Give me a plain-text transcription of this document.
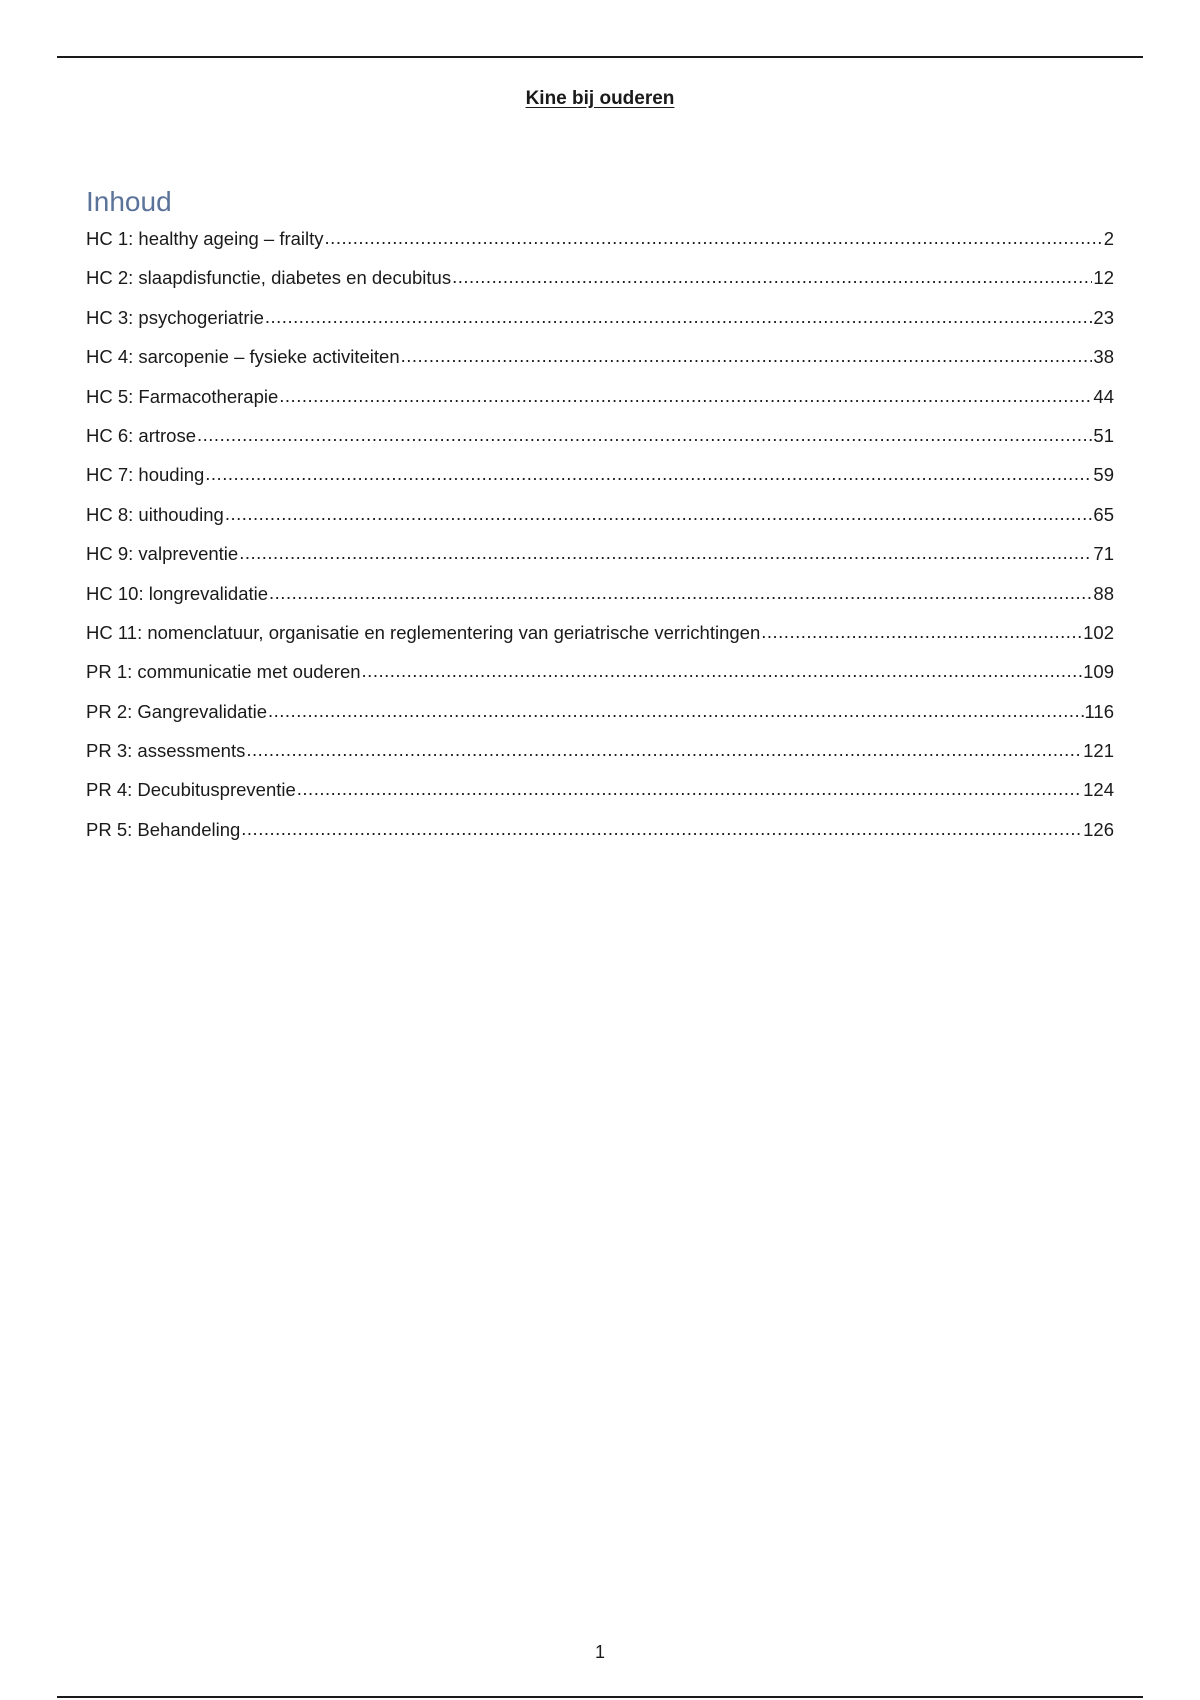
Kine bij ouderen
Inhoud
HC 1: healthy ageing – frailty .....	2
HC 2: slaapdisfunctie, diabetes en decubitus .....	12
HC 3: psychogeriatrie .....	23
HC 4: sarcopenie – fysieke activiteiten .....	38
HC 5: Farmacotherapie .....	44
HC 6: artrose .....	51
HC 7: houding .....	59
HC 8: uithouding .....	65
HC 9: valpreventie .....	71
HC 10: longrevalidatie .....	88
HC 11: nomenclatuur, organisatie en reglementering van geriatrische verrichtingen .....	102
PR 1: communicatie met ouderen .....	109
PR 2: Gangrevalidatie .....	116
PR 3: assessments .....	121
PR 4: Decubituspreventie .....	124
PR 5: Behandeling .....	126
1
